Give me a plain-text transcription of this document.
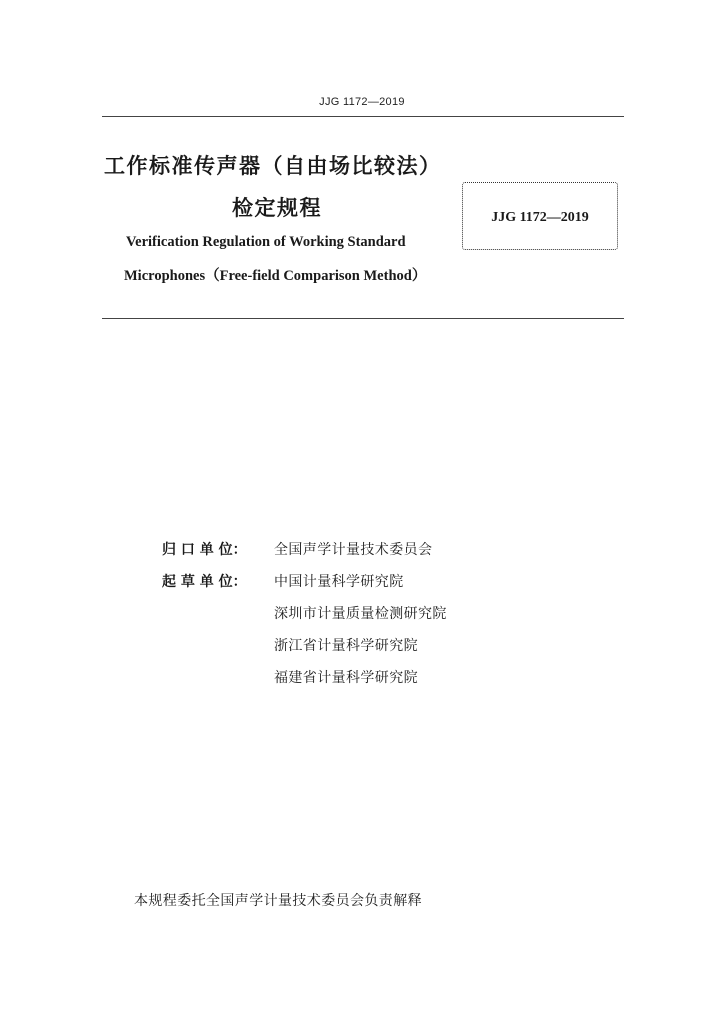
JJG 1172—2019
工作标准传声器（自由场比较法）
检定规程
Verification Regulation of Working Standard
Microphones（Free-field Comparison Method）
JJG 1172—2019
归 口 单 位： 全国声学计量技术委员会
起 草 单 位： 中国计量科学研究院
深圳市计量质量检测研究院
浙江省计量科学研究院
福建省计量科学研究院
本规程委托全国声学计量技术委员会负责解释
